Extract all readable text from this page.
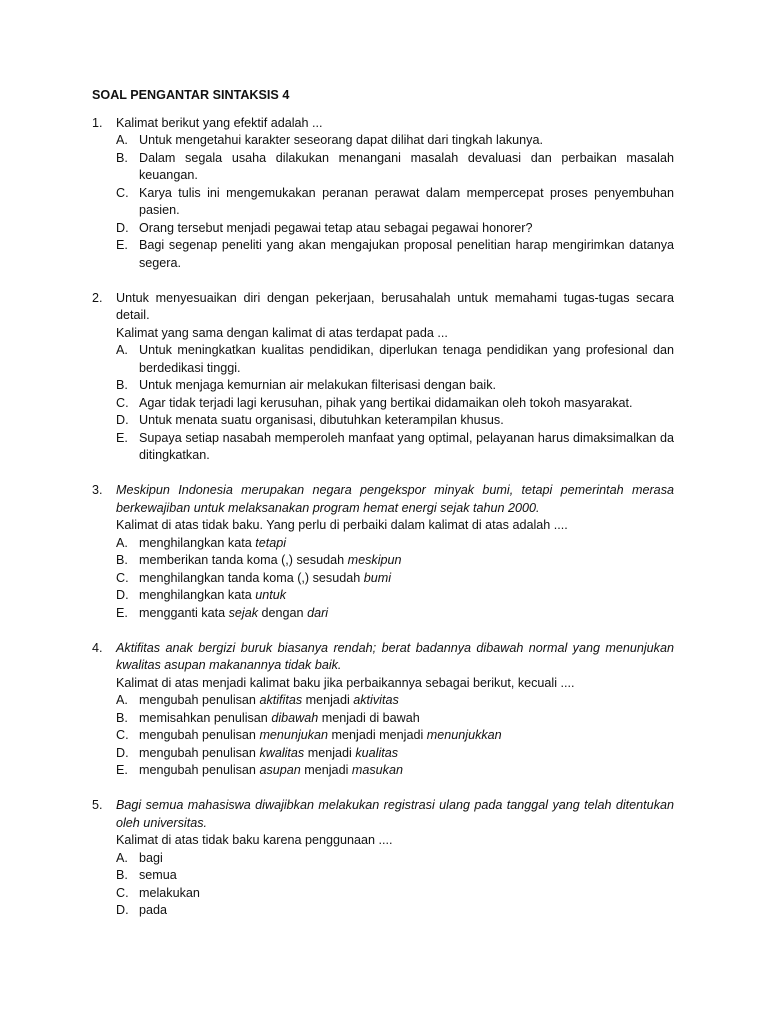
SOAL PENGANTAR SINTAKSIS 4
1. Kalimat berikut yang efektif adalah ...
A. Untuk mengetahui karakter seseorang dapat dilihat dari tingkah lakunya.
B. Dalam segala usaha dilakukan menangani masalah devaluasi dan perbaikan masalah keuangan.
C. Karya tulis ini mengemukakan peranan perawat dalam mempercepat proses penyembuhan pasien.
D. Orang tersebut menjadi pegawai tetap atau sebagai pegawai honorer?
E. Bagi segenap peneliti yang akan mengajukan proposal penelitian harap mengirimkan datanya segera.
2. Untuk menyesuaikan diri dengan pekerjaan, berusahalah untuk memahami tugas-tugas secara detail.
Kalimat yang sama dengan kalimat di atas terdapat pada ...
A. Untuk meningkatkan kualitas pendidikan, diperlukan tenaga pendidikan yang profesional dan berdedikasi tinggi.
B. Untuk menjaga kemurnian air melakukan filterisasi dengan baik.
C. Agar tidak terjadi lagi kerusuhan, pihak yang bertikai didamaikan oleh tokoh masyarakat.
D. Untuk menata suatu organisasi, dibutuhkan keterampilan khusus.
E. Supaya setiap nasabah memperoleh manfaat yang optimal, pelayanan harus dimaksimalkan da ditingkatkan.
3. Meskipun Indonesia merupakan negara pengekspor minyak bumi, tetapi pemerintah merasa berkewajiban untuk melaksanakan program hemat energi sejak tahun 2000.
Kalimat di atas tidak baku. Yang perlu di perbaiki dalam kalimat di atas adalah ....
A. menghilangkan kata tetapi
B. memberikan tanda koma (,) sesudah meskipun
C. menghilangkan tanda koma (,) sesudah bumi
D. menghilangkan kata untuk
E. mengganti kata sejak dengan dari
4. Aktifitas anak bergizi buruk biasanya rendah; berat badannya dibawah normal yang menunjukan kwalitas asupan makanannya tidak baik.
Kalimat di atas menjadi kalimat baku jika perbaikannya sebagai berikut, kecuali ....
A. mengubah penulisan aktifitas menjadi aktivitas
B. memisahkan penulisan dibawah menjadi di bawah
C. mengubah penulisan menunjukan menjadi menjadi menunjukkan
D. mengubah penulisan kwalitas menjadi kualitas
E. mengubah penulisan asupan menjadi masukan
5. Bagi semua mahasiswa diwajibkan melakukan registrasi ulang pada tanggal yang telah ditentukan oleh universitas.
Kalimat di atas tidak baku karena penggunaan ....
A. bagi
B. semua
C. melakukan
D. pada
